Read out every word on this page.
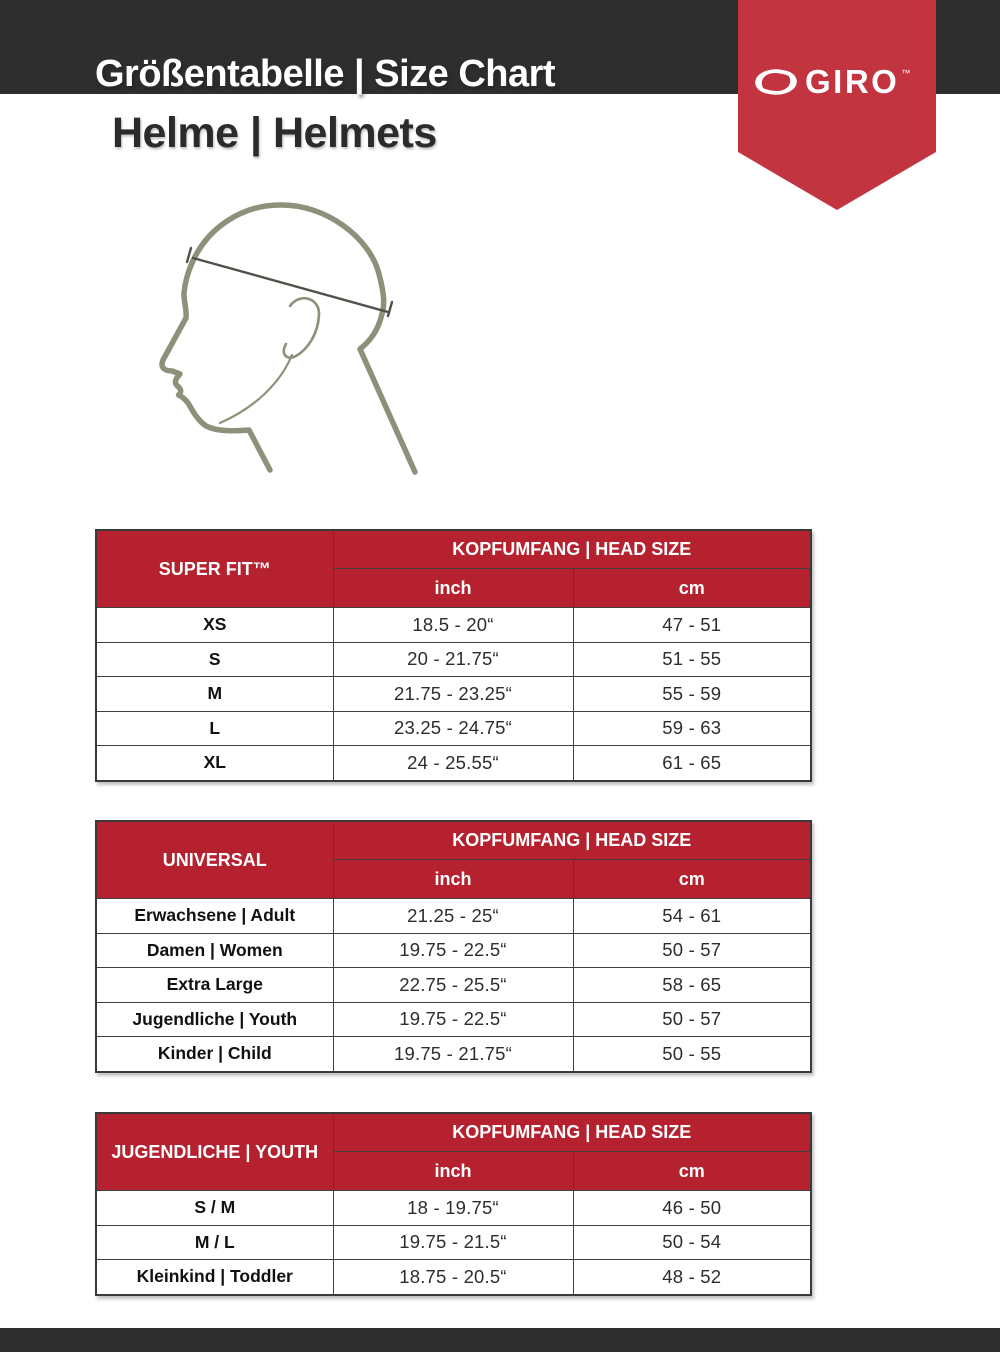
GIRO ™
Größentabelle | Size Chart
Helme | Helmets
SUPER FIT™	KOPFUMFANG | HEAD SIZE	
	inch	cm
XS	18.5 - 20“	47 - 51
S	20 - 21.75“	51 - 55
M	21.75 - 23.25“	55 - 59
L	23.25 - 24.75“	59 - 63
XL	24 - 25.55“	61 - 65
UNIVERSAL	KOPFUMFANG | HEAD SIZE	
	inch	cm
Erwachsene | Adult	21.25 - 25“	54 - 61
Damen | Women	19.75 - 22.5“	50 - 57
Extra Large	22.75 - 25.5“	58 - 65
Jugendliche | Youth	19.75 - 22.5“	50 - 57
Kinder | Child	19.75 - 21.75“	50 - 55
JUGENDLICHE | YOUTH	KOPFUMFANG | HEAD SIZE	
	inch	cm
S / M	18 - 19.75“	46 - 50
M / L	19.75 - 21.5“	50 - 54
Kleinkind | Toddler	18.75 - 20.5“	48 - 52
